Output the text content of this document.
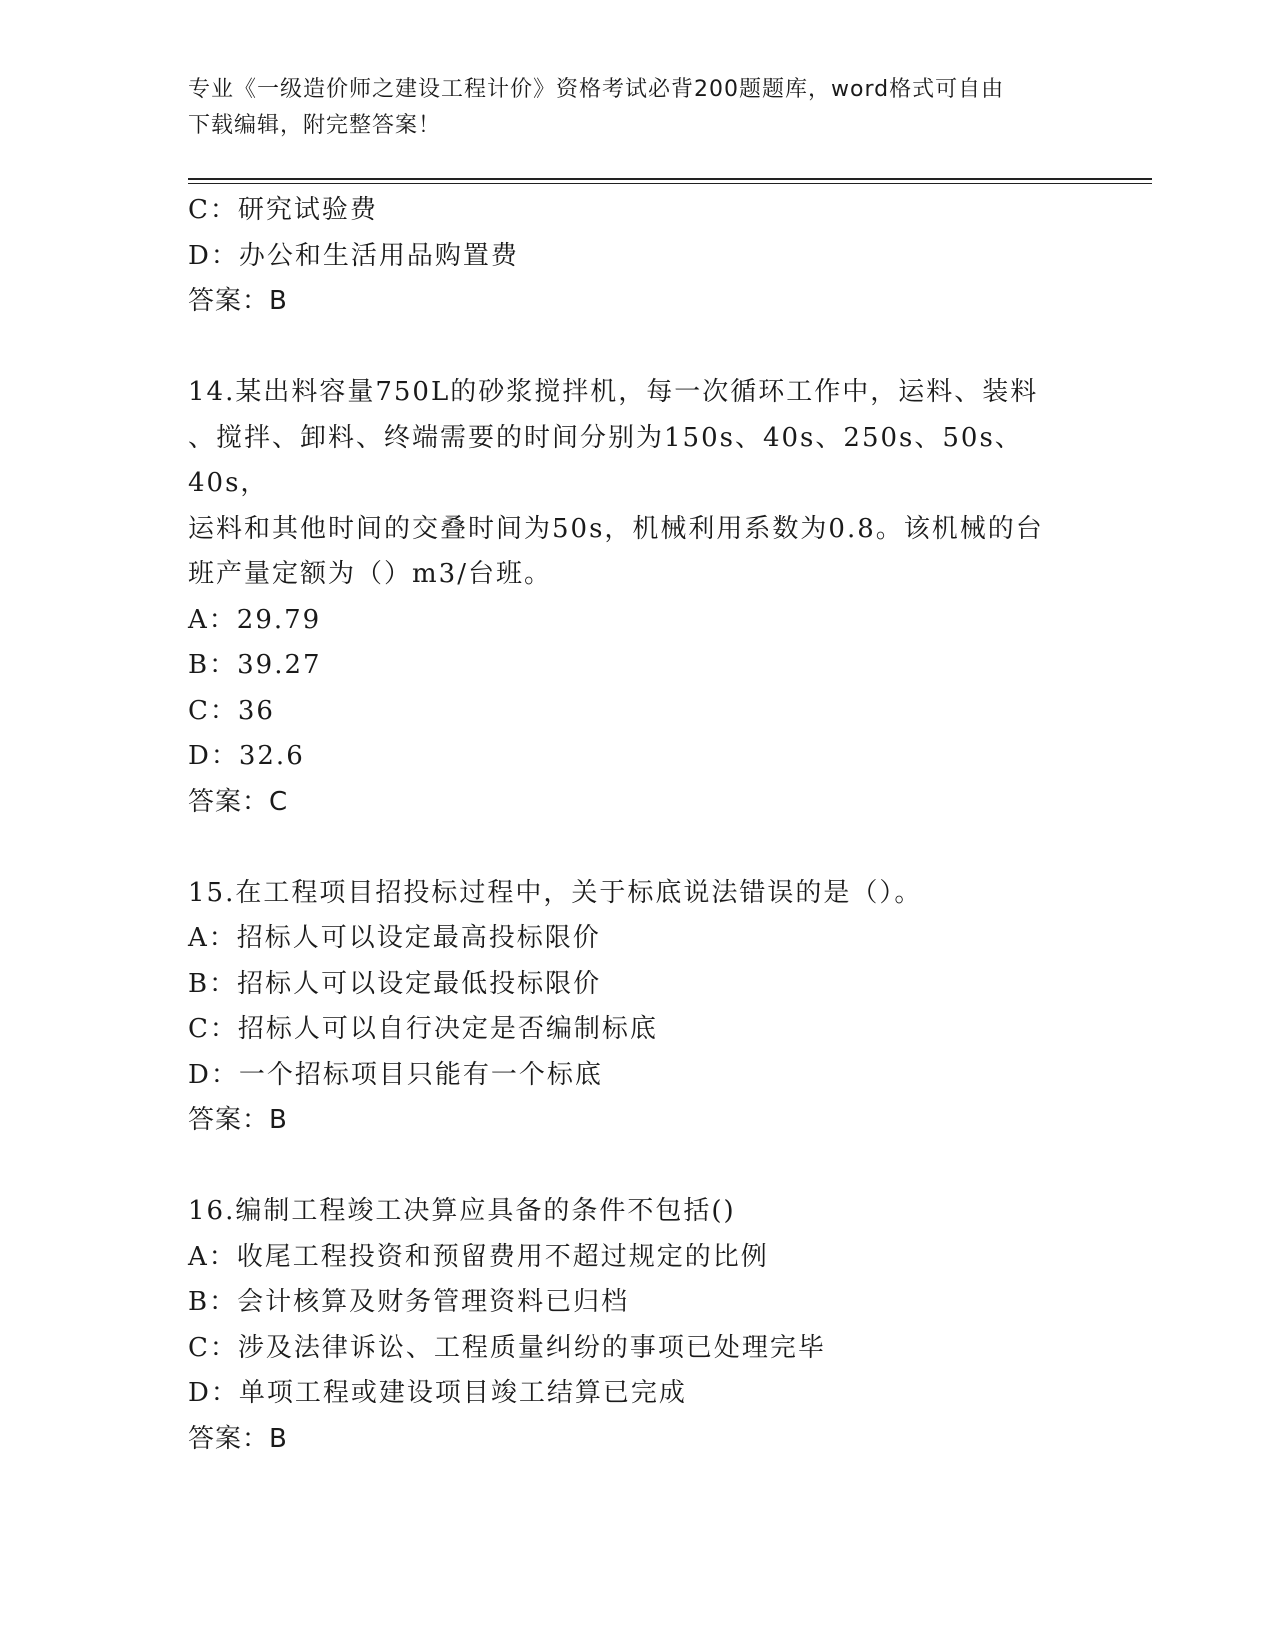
专业《一级造价师之建设工程计价》资格考试必背200题题库，word格式可自由
下载编辑，附完整答案！
C：研究试验费
D：办公和生活用品购置费
答案：B
14.某出料容量750L的砂浆搅拌机，每一次循环工作中，运料、装料
、搅拌、卸料、终端需要的时间分别为150s、40s、250s、50s、40s，
运料和其他时间的交叠时间为50s，机械利用系数为0.8。该机械的台
班产量定额为（）m3/台班。
A：29.79
B：39.27
C：36
D：32.6
答案：C
15.在工程项目招投标过程中，关于标底说法错误的是（）。
A：招标人可以设定最高投标限价
B：招标人可以设定最低投标限价
C：招标人可以自行决定是否编制标底
D：一个招标项目只能有一个标底
答案：B
16.编制工程竣工决算应具备的条件不包括()
A：收尾工程投资和预留费用不超过规定的比例
B：会计核算及财务管理资料已归档
C：涉及法律诉讼、工程质量纠纷的事项已处理完毕
D：单项工程或建设项目竣工结算已完成
答案：B
